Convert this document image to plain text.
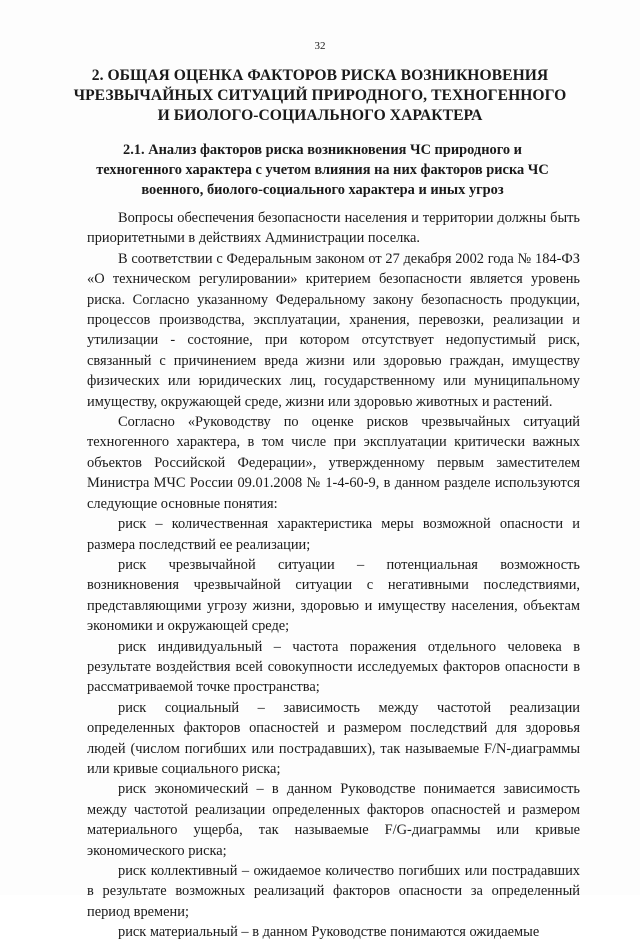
32
2. ОБЩАЯ ОЦЕНКА ФАКТОРОВ РИСКА ВОЗНИКНОВЕНИЯ
ЧРЕЗВЫЧАЙНЫХ СИТУАЦИЙ ПРИРОДНОГО, ТЕХНОГЕННОГО
И БИОЛОГО-СОЦИАЛЬНОГО ХАРАКТЕРА
2.1. Анализ факторов риска возникновения ЧС природного и
техногенного характера с учетом влияния на них факторов риска ЧС
военного, биолого-социального характера и иных угроз

Вопросы обеспечения безопасности населения и территории должны быть приоритетными в действиях Администрации поселка.

В соответствии с Федеральным законом от 27 декабря 2002 года № 184-ФЗ «О техническом регулировании» критерием безопасности является уровень риска. Согласно указанному Федеральному закону безопасность продукции, процессов производства, эксплуатации, хранения, перевозки, реализации и утилизации - состояние, при котором отсутствует недопустимый риск, связанный с причинением вреда жизни или здоровью граждан, имуществу физических или юридических лиц, государственному или муниципальному имуществу, окружающей среде, жизни или здоровью животных и растений.

Согласно «Руководству по оценке рисков чрезвычайных ситуаций техногенного характера, в том числе при эксплуатации критически важных объектов Российской Федерации», утвержденному первым заместителем Министра МЧС России 09.01.2008 № 1-4-60-9, в данном разделе используются следующие основные понятия:

риск – количественная характеристика меры возможной опасности и размера последствий ее реализации;

риск чрезвычайной ситуации – потенциальная возможность возникновения чрезвычайной ситуации с негативными последствиями, представляющими угрозу жизни, здоровью и имуществу населения, объектам экономики и окружающей среде;

риск индивидуальный – частота поражения отдельного человека в результате воздействия всей совокупности исследуемых факторов опасности в рассматриваемой точке пространства;

риск социальный – зависимость между частотой реализации определенных факторов опасностей и размером последствий для здоровья людей (числом погибших или пострадавших), так называемые F/N-диаграммы или кривые социального риска;

риск экономический – в данном Руководстве понимается зависимость между частотой реализации определенных факторов опасностей и размером материального ущерба, так называемые F/G-диаграммы или кривые экономического риска;

риск коллективный – ожидаемое количество погибших или пострадавших в результате возможных реализаций факторов опасности за определенный период времени;

риск материальный – в данном Руководстве понимаются ожидаемые
